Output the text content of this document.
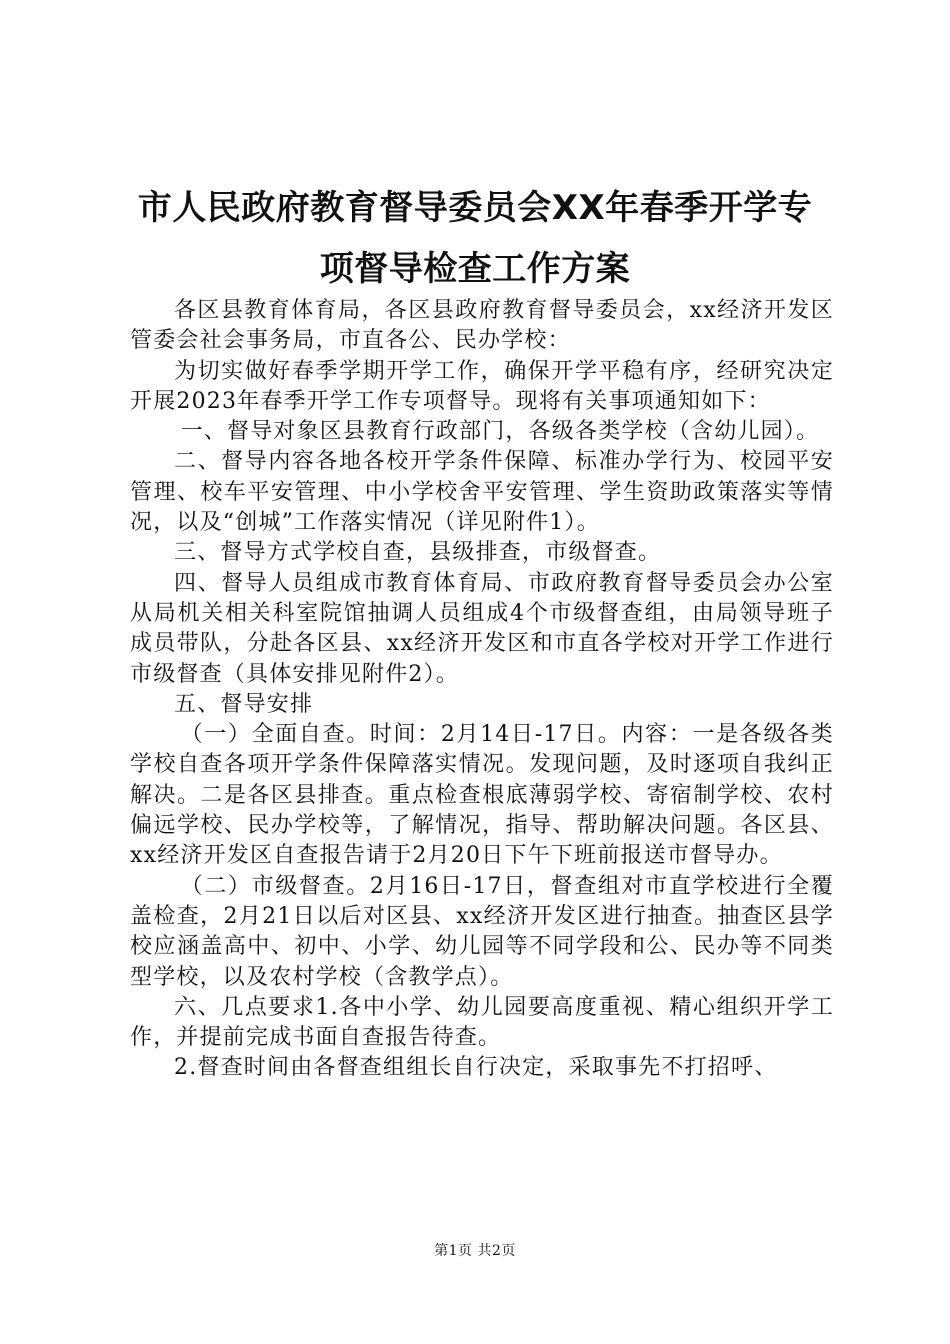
市人民政府教育督导委员会XX年春季开学专
项督导检查工作方案

各区县教育体育局，各区县政府教育督导委员会，xx经济开发区管委会社会事务局，市直各公、民办学校：

为切实做好春季学期开学工作，确保开学平稳有序，经研究决定开展2023年春季开学工作专项督导。现将有关事项通知如下：

一、督导对象区县教育行政部门，各级各类学校（含幼儿园）。

二、督导内容各地各校开学条件保障、标准办学行为、校园平安管理、校车平安管理、中小学校舍平安管理、学生资助政策落实等情况，以及“创城”工作落实情况（详见附件1）。

三、督导方式学校自查，县级排查，市级督查。

四、督导人员组成市教育体育局、市政府教育督导委员会办公室从局机关相关科室院馆抽调人员组成4个市级督查组，由局领导班子成员带队，分赴各区县、xx经济开发区和市直各学校对开学工作进行市级督查（具体安排见附件2）。

五、督导安排

（一）全面自查。时间：2月14日-17日。内容：一是各级各类学校自查各项开学条件保障落实情况。发现问题，及时逐项自我纠正解决。二是各区县排查。重点检查根底薄弱学校、寄宿制学校、农村偏远学校、民办学校等，了解情况，指导、帮助解决问题。各区县、xx经济开发区自查报告请于2月20日下午下班前报送市督导办。

（二）市级督查。2月16日-17日，督查组对市直学校进行全覆盖检查，2月21日以后对区县、xx经济开发区进行抽查。抽查区县学校应涵盖高中、初中、小学、幼儿园等不同学段和公、民办等不同类型学校，以及农村学校（含教学点）。

六、几点要求1.各中小学、幼儿园要高度重视、精心组织开学工作，并提前完成书面自查报告待查。

2.督查时间由各督查组组长自行决定，采取事先不打招呼、

第1页 共2页
